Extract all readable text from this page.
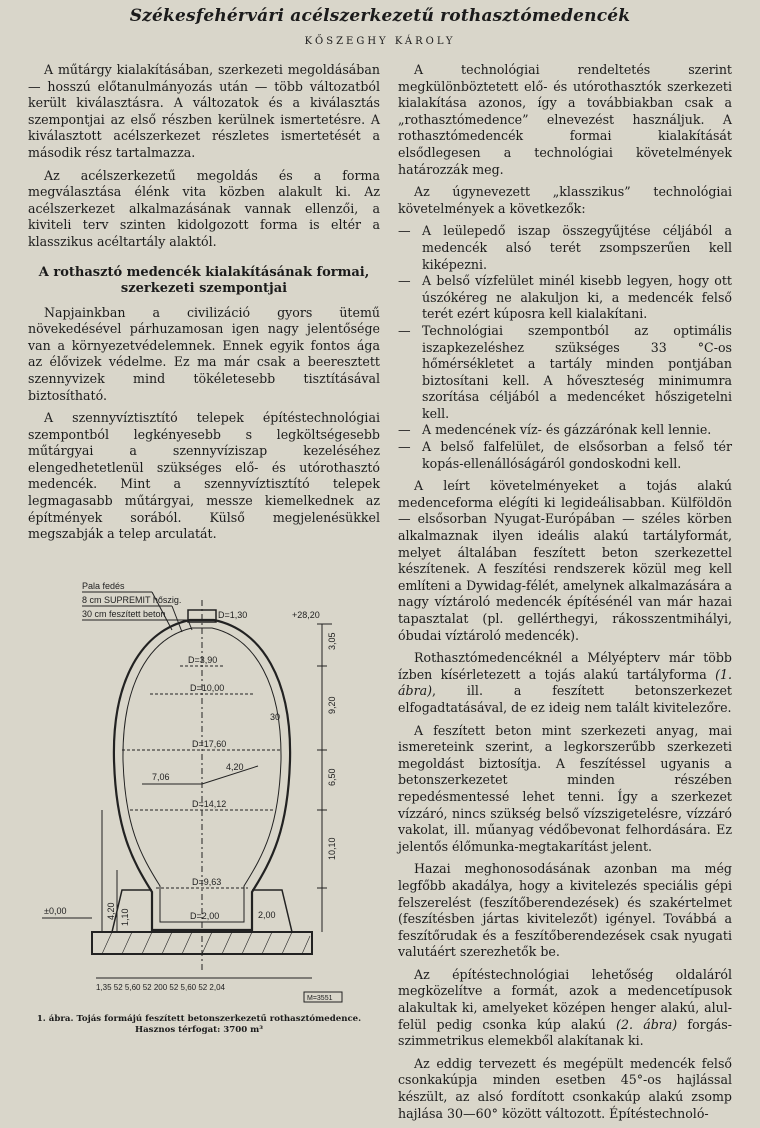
Székesfehérvári acélszerkezetű rothasztómedencék
KŐSZEGHY KÁROLY

A műtárgy kialakításában, szerkezeti megoldásában — hosszú előtanulmányozás után — több változatból került kiválasztásra. A változatok és a kiválasztás szempontjai az első részben kerülnek ismertetésre. A kiválasztott acélszerkezet részletes ismertetését a második rész tartalmazza.

Az acélszerkezetű megoldás és a forma megválasztása élénk vita közben alakult ki. Az acélszerkezet alkalmazásának vannak ellenzői, a kiviteli terv szinten kidolgozott forma is eltér a klasszikus acéltartály alaktól.

A rothasztó medencék kialakításának formai, szerkezeti szempontjai

Napjainkban a civilizáció gyors ütemű növekedésével párhuzamosan igen nagy jelentősége van a környezetvédelemnek. Ennek egyik fontos ága az élővizek védelme. Ez ma már csak a beeresztett szennyvizek mind tökéletesebb tisztításával biztosítható.

A szennyvíztisztító telepek építéstechnológiai szempontból legkényesebb s legköltségesebb műtárgyai a szennyvíziszap kezeléséhez elengedhetetlenül szükséges elő- és utórothasztó medencék. Mint a szennyvíztisztító telepek legmagasabb műtárgyai, messze kiemelkednek az építmények sorából. Külső megjelenésükkel megszabják a telep arculatát.

Pala fedés
8 cm SUPREMIT hőszig.
30 cm feszített beton	D=1,30
D=3,90
D=10,00
D=17,60
D=14,12
D=9,63
D=2,00
+28,20
±0,00
7,06
4,20
2,00
30
1,35 52 5,60 52 200 52 5,60 52 2,04
M=3551
3,05
9,20
6,50
10,10
4,20 1,10
1. ábra. Tojás formájú feszített betonszerkezetű rothasztómedence. Hasznos térfogat: 3700 m³

A technológiai rendeltetés szerint megkülönböztetett elő- és utórothasztók szerkezeti kialakítása azonos, így a továbbiakban csak a „rothasztómedence” elnevezést használjuk. A rothasztómedencék formai kialakítását elsődlegesen a technológiai követelmények határozzák meg.

Az úgynevezett „klasszikus” technológiai követelmények a következők:

— A leülepedő iszap összegyűjtése céljából a medencék alsó terét zsompszerűen kell kiképezni.
— A belső vízfelület minél kisebb legyen, hogy ott úszókéreg ne alakuljon ki, a medencék felső terét ezért kúposra kell kialakítani.
— Technológiai szempontból az optimális iszapkezeléshez szükséges 33 °C-os hőmérsékletet a tartály minden pontjában biztosítani kell. A hőveszteség minimumra szorítása céljából a medencéket hőszigetelni kell.
— A medencének víz- és gázzárónak kell lennie.
— A belső falfelület, de elsősorban a felső tér kopás-ellenállóságáról gondoskodni kell.

A leírt követelményeket a tojás alakú medenceforma elégíti ki legideálisabban. Külföldön — elsősorban Nyugat-Európában — széles körben alkalmaznak ilyen ideális alakú tartályformát, melyet általában feszített beton szerkezettel készítenek. A feszítési rendszerek közül meg kell említeni a Dywidag-félét, amelynek alkalmazására a nagy víztároló medencék építésénél van már hazai tapasztalat (pl. gellérthegyi, rákosszentmihályi, óbudai víztároló medencék).

Rothasztómedencéknél a Mélyépterv már több ízben kísérletezett a tojás alakú tartályforma (1. ábra), ill. a feszített betonszerkezet elfogadtatásával, de ez ideig nem talált kivitelezőre.

A feszített beton mint szerkezeti anyag, mai ismereteink szerint, a legkorszerűbb szerkezeti megoldást biztosítja. A feszítéssel ugyanis a betonszerkezetet minden részében repedésmentessé lehet tenni. Így a szerkezet vízzáró, nincs szükség belső vízszigetelésre, vízzáró vakolat, ill. műanyag védőbevonat felhordására. Ez jelentős élőmunka-megtakarítást jelent.

Hazai meghonosodásának azonban ma még legfőbb akadálya, hogy a kivitelezés speciális gépi felszerelést (feszítőberendezések) és szakértelmet (feszítésben jártas kivitelezőt) igényel. Továbbá a feszítőrudak és a feszítőberendezések csak nyugati valutáért szerezhetők be.

Az építéstechnológiai lehetőség oldaláról megközelítve a formát, azok a medencetípusok alakultak ki, amelyeket középen henger alakú, alul-felül pedig csonka kúp alakú (2. ábra) forgás-szimmetrikus elemekből alakítanak ki.

Az eddig tervezett és megépült medencék felső csonkakúpja minden esetben 45°-os hajlással készült, az alsó fordított csonkakúp alakú zsomp hajlása 30—60° között változott. Építéstechnoló-
